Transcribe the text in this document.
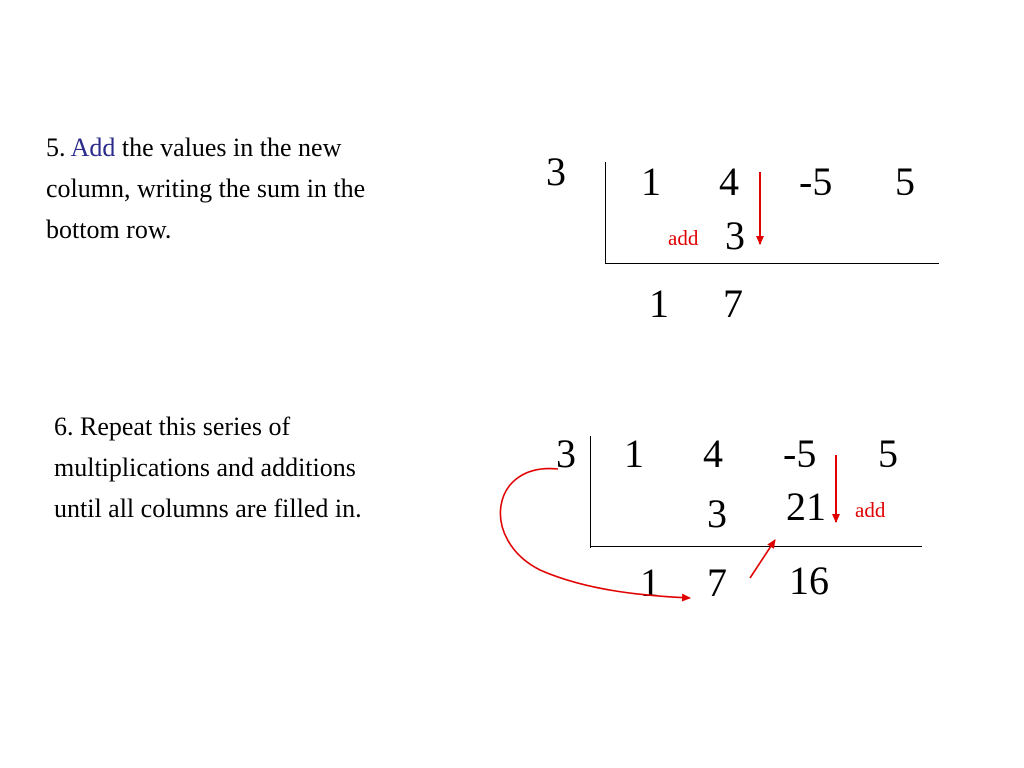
5. Add the values in the new column, writing the sum in the bottom row.

6. Repeat this series of multiplications and additions until all columns are filled in.

3 1 4 -5 5
add 3
1 7
3 1 4 -5 5
3 21 add
1 7 16
